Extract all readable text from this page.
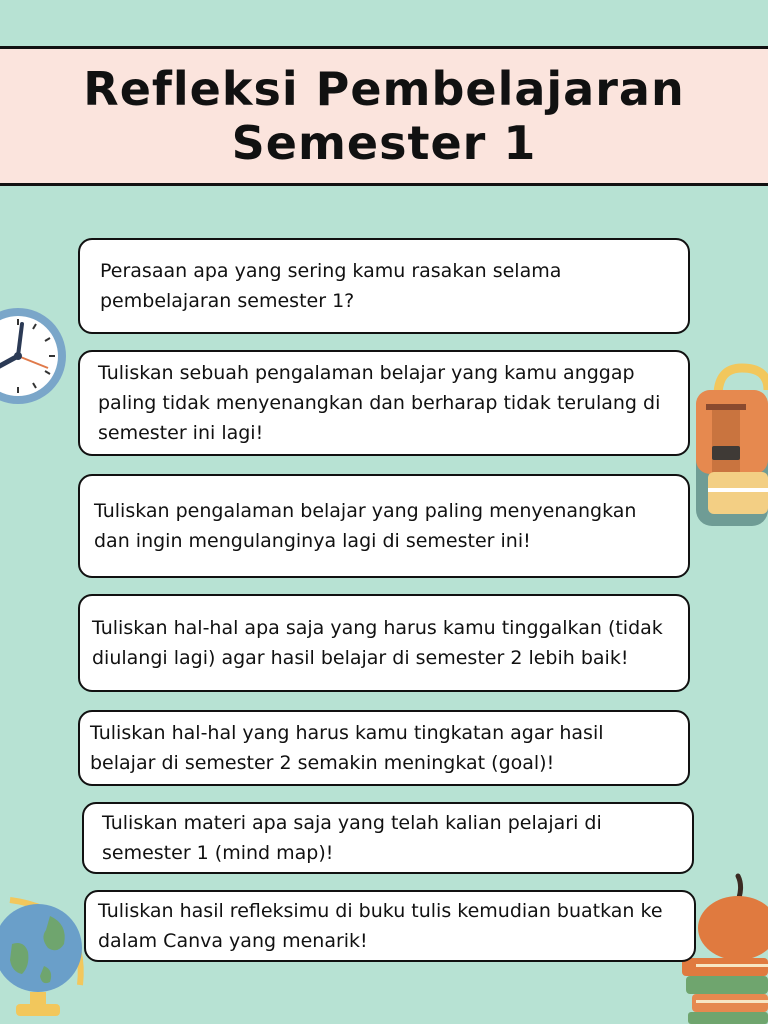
Refleksi Pembelajaran
Semester 1
Perasaan apa yang sering kamu rasakan selama pembelajaran semester 1?
Tuliskan sebuah pengalaman belajar yang kamu anggap paling tidak menyenangkan dan berharap tidak terulang di semester ini lagi!
Tuliskan pengalaman belajar yang paling menyenangkan dan ingin mengulanginya lagi di semester ini!
Tuliskan hal-hal apa saja yang harus kamu tinggalkan (tidak diulangi lagi) agar hasil belajar di semester 2 lebih baik!
Tuliskan hal-hal yang harus kamu tingkatan agar hasil belajar di semester 2 semakin meningkat (goal)!
Tuliskan materi apa saja yang telah kalian pelajari di semester 1 (mind map)!
Tuliskan hasil refleksimu di buku tulis kemudian buatkan ke dalam Canva yang menarik!
